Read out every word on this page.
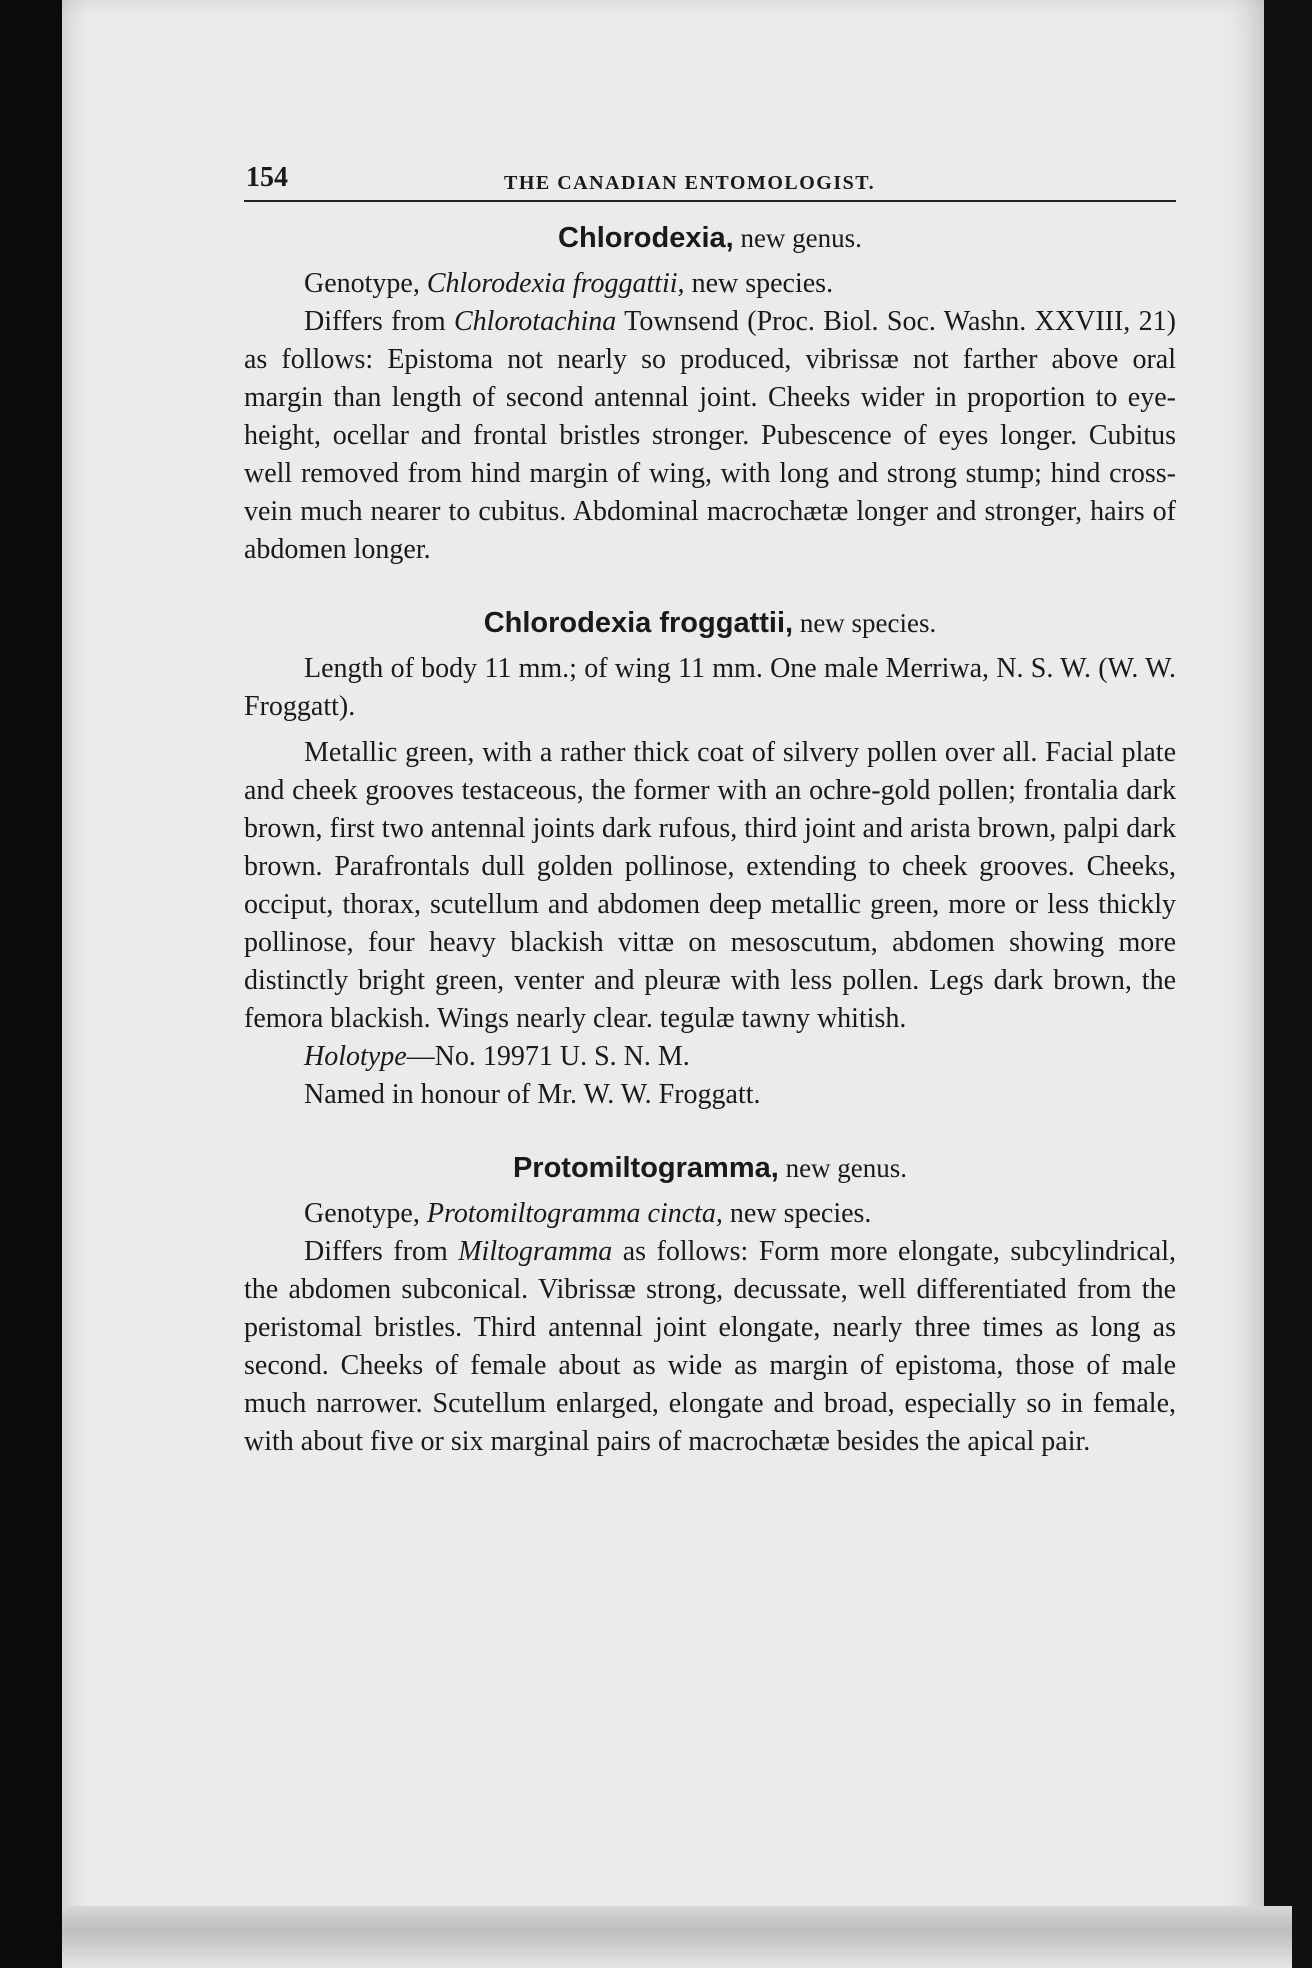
154	THE CANADIAN ENTOMOLOGIST.
Chlorodexia, new genus.

Genotype, Chlorodexia froggattii, new species.

Differs from Chlorotachina Townsend (Proc. Biol. Soc. Washn. XXVIII, 21) as follows: Epistoma not nearly so produced, vibrissæ not farther above oral margin than length of second antennal joint. Cheeks wider in proportion to eye-height, ocellar and frontal bristles stronger. Pubescence of eyes longer. Cubitus well removed from hind margin of wing, with long and strong stump; hind cross-vein much nearer to cubitus. Abdominal macrochætæ longer and stronger, hairs of abdomen longer.

Chlorodexia froggattii, new species.

Length of body 11 mm.; of wing 11 mm. One male Merriwa, N. S. W. (W. W. Froggatt).

Metallic green, with a rather thick coat of silvery pollen over all. Facial plate and cheek grooves testaceous, the former with an ochre-gold pollen; frontalia dark brown, first two antennal joints dark rufous, third joint and arista brown, palpi dark brown. Parafrontals dull golden pollinose, extending to cheek grooves. Cheeks, occiput, thorax, scutellum and abdomen deep metallic green, more or less thickly pollinose, four heavy blackish vittæ on mesoscutum, abdomen showing more distinctly bright green, venter and pleuræ with less pollen. Legs dark brown, the femora blackish. Wings nearly clear. tegulæ tawny whitish.

Holotype—No. 19971 U. S. N. M.

Named in honour of Mr. W. W. Froggatt.

Protomiltogramma, new genus.

Genotype, Protomiltogramma cincta, new species.

Differs from Miltogramma as follows: Form more elongate, subcylindrical, the abdomen subconical. Vibrissæ strong, decussate, well differentiated from the peristomal bristles. Third antennal joint elongate, nearly three times as long as second. Cheeks of female about as wide as margin of epistoma, those of male much narrower. Scutellum enlarged, elongate and broad, especially so in female, with about five or six marginal pairs of macrochætæ besides the apical pair.
